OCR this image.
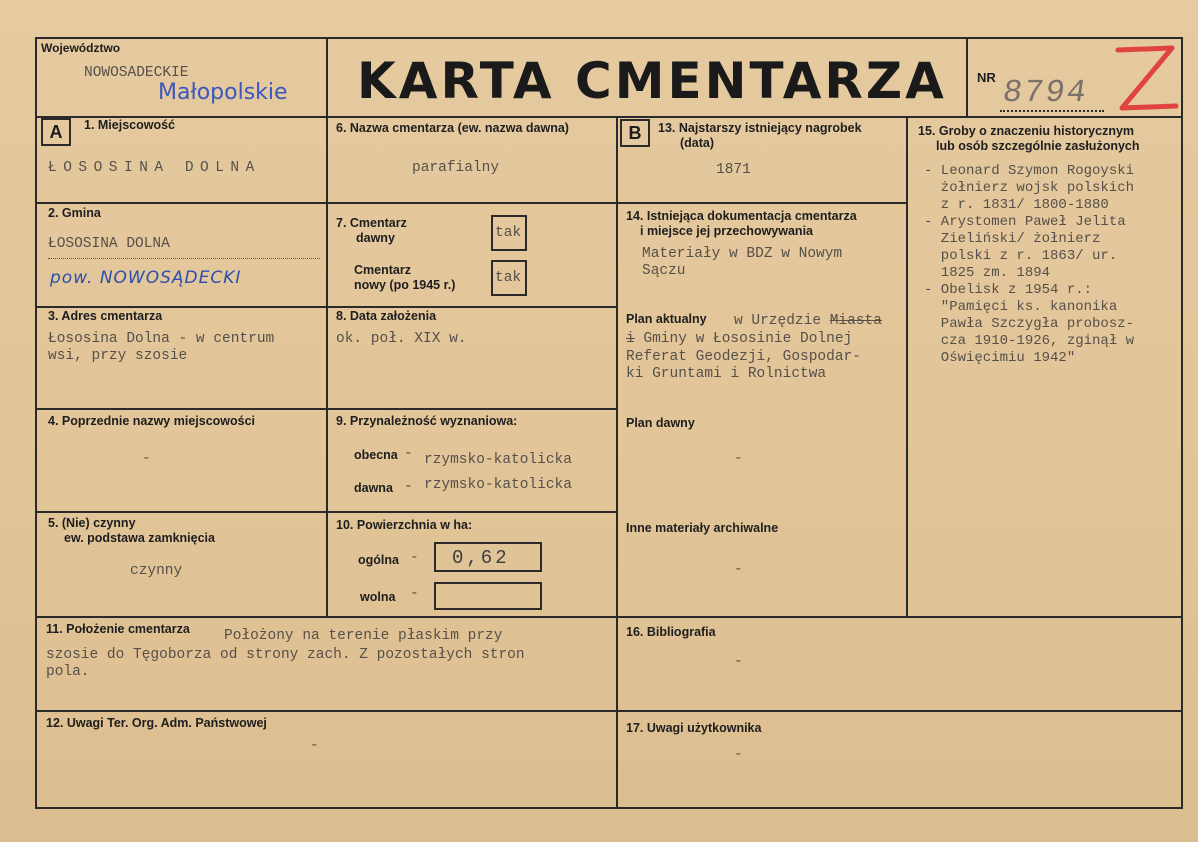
Województwo
NOWOSADECKIE
Małopolskie KARTA CMENTARZA NR 8794	Z
A	1. Miejscowość
ŁOSOSINA DOLNA
2. Gmina
ŁOSOSINA DOLNA
pow. NOWOSĄDECKI
3. Adres cmentarza
Łososina Dolna - w centrum
wsi, przy szosie
4. Poprzednie nazwy miejscowości
-
5. (Nie) czynny
ew. podstawa zamknięcia
czynny
6. Nazwa cmentarza (ew. nazwa dawna)
parafialny
7. Cmentarz
dawny	tak
Cmentarz
nowy (po 1945 r.)	tak
8. Data założenia
ok. poł. XIX w.
9. Przynależność wyznaniowa:
obecna - rzymsko-katolicka
dawna - rzymsko-katolicka
10. Powierzchnia w ha:
ogólna - 0,62
wolna -
B	13. Najstarszy istniejący nagrobek
(data)
1871
14. Istniejąca dokumentacja cmentarza
i miejsce jej przechowywania
Materiały w BDZ w Nowym
Sączu
Plan aktualny w Urzędzie Miasta
i Gminy w Łososinie Dolnej
Referat Geodezji, Gospodar-
ki Gruntami i Rolnictwa
Plan dawny
-
Inne materiały archiwalne
-
15. Groby o znaczeniu historycznym
lub osób szczególnie zasłużonych
- Leonard Szymon Rogoyski
żołnierz wojsk polskich
z r. 1831/ 1800-1880
- Arystomen Paweł Jelita
Zieliński/ żołnierz
polski z r. 1863/ ur.
1825 zm. 1894
- Obelisk z 1954 r.:
"Pamięci ks. kanonika
Pawła Szczygła probosz-
cza 1910-1926, zginął w
Oświęcimiu 1942"
11. Położenie cmentarza Położony na terenie płaskim przy
szosie do Tęgoborza od strony zach. Z pozostałych stron
pola.
12. Uwagi Ter. Org. Adm. Państwowej
-
16. Bibliografia
-
17. Uwagi użytkownika
-
